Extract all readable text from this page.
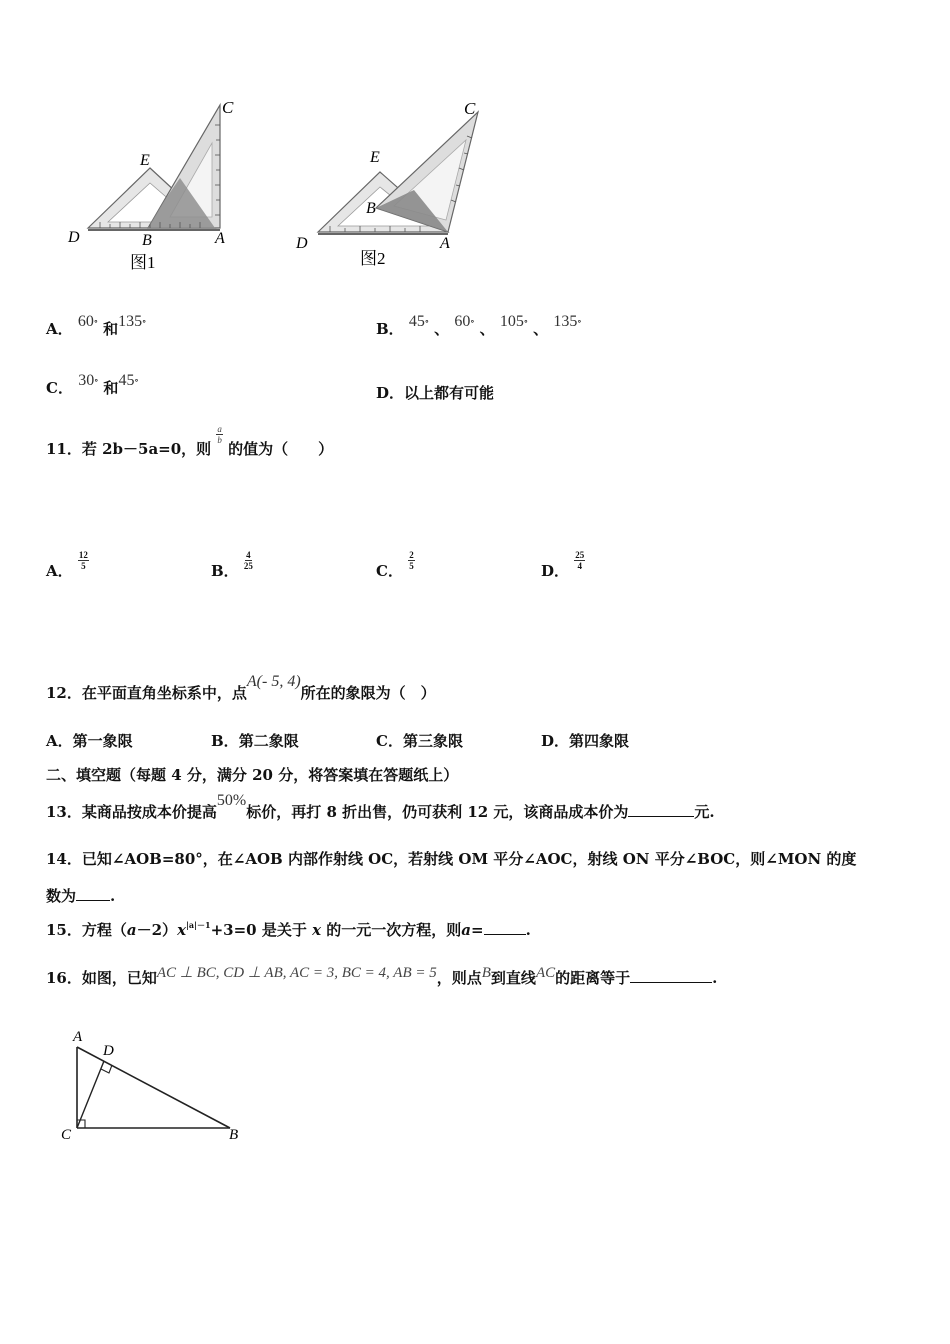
C
E
D	B	A
图1
C
E
B
D	A
图2
A． 60° 和135°	B． 45° 、 60° 、 105° 、 135°
C． 30° 和45°
D．以上都有可能
11．若 2b－5a=0，则
$\frac{a}{b}$
的值为（　　）
A． $\frac{12}{5}$	B． $\frac{4}{25}$	C． $\frac{2}{5}$	D． $\frac{25}{4}$
12．在平面直角坐标系中，点A(- 5, 4)所在的象限为（　）
A．第一象限	B．第二象限	C．第三象限	D．第四象限
二、填空题（每题 4 分，满分 20 分，将答案填在答题纸上）
13．某商品按成本价提高50%标价，再打 8 折出售，仍可获利 12 元，该商品成本价为	元.
14．已知∠AOB=80°，在∠AOB 内部作射线 OC，若射线 OM 平分∠AOC，射线 ON 平分∠BOC，则∠MON 的度
数为 .
15．方程$(a-2)x^{|a|-1}+3=0$ 是关于 x 的一元一次方程，则a=	.
16．如图，已知AC ⊥ BC, CD ⊥ AB, AC = 3, BC = 4, AB = 5，则点B到直线AC的距离等于	.
A
D
C	B
